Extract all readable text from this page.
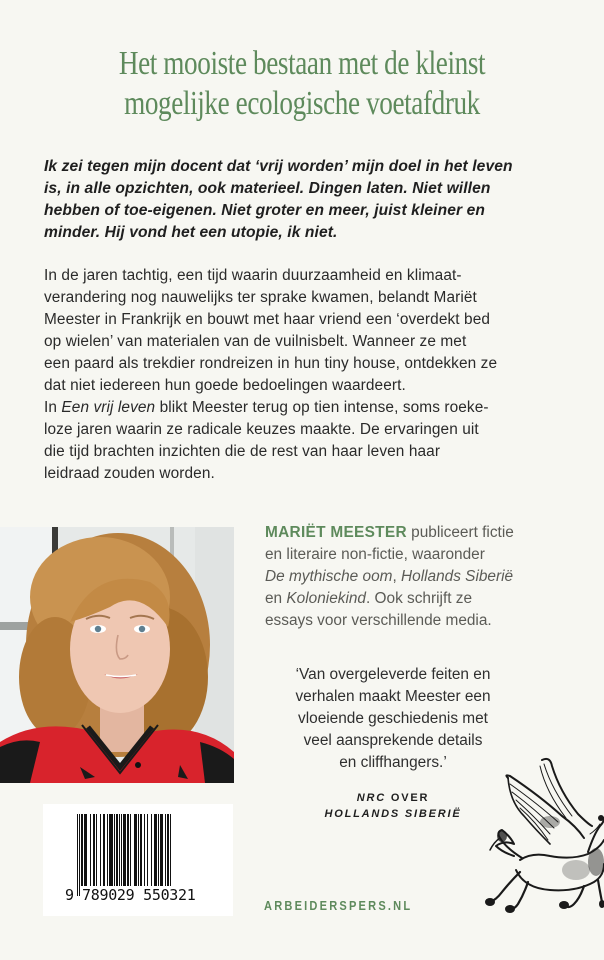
Het mooiste bestaan met de kleinst
mogelijke ecologische voetafdruk
Ik zei tegen mijn docent dat ‘vrij worden’ mijn doel in het leven
is, in alle opzichten, ook materieel. Dingen laten. Niet willen
hebben of toe-eigenen. Niet groter en meer, juist kleiner en
minder. Hij vond het een utopie, ik niet.
In de jaren tachtig, een tijd waarin duurzaamheid en klimaat-
verandering nog nauwelijks ter sprake kwamen, belandt Mariët
Meester in Frankrijk en bouwt met haar vriend een ‘overdekt bed
op wielen’ van materialen van de vuilnisbelt. Wanneer ze met
een paard als trekdier rondreizen in hun tiny house, ontdekken ze
dat niet iedereen hun goede bedoelingen waardeert.
In Een vrij leven blikt Meester terug op tien intense, soms roeke-
loze jaren waarin ze radicale keuzes maakte. De ervaringen uit
die tijd brachten inzichten die de rest van haar leven haar
leidraad zouden worden.
MARIËT MEESTER publiceert fictie
en literaire non-fictie, waaronder
De mythische oom, Hollands Siberië
en Koloniekind. Ook schrijft ze
essays voor verschillende media.
‘Van overgeleverde feiten en
verhalen maakt Meester een
vloeiende geschiedenis met
veel aansprekende details
en cliffhangers.’
NRC OVER
HOLLANDS SIBERIË
9 789029 550321
ARBEIDERSPERS.NL
